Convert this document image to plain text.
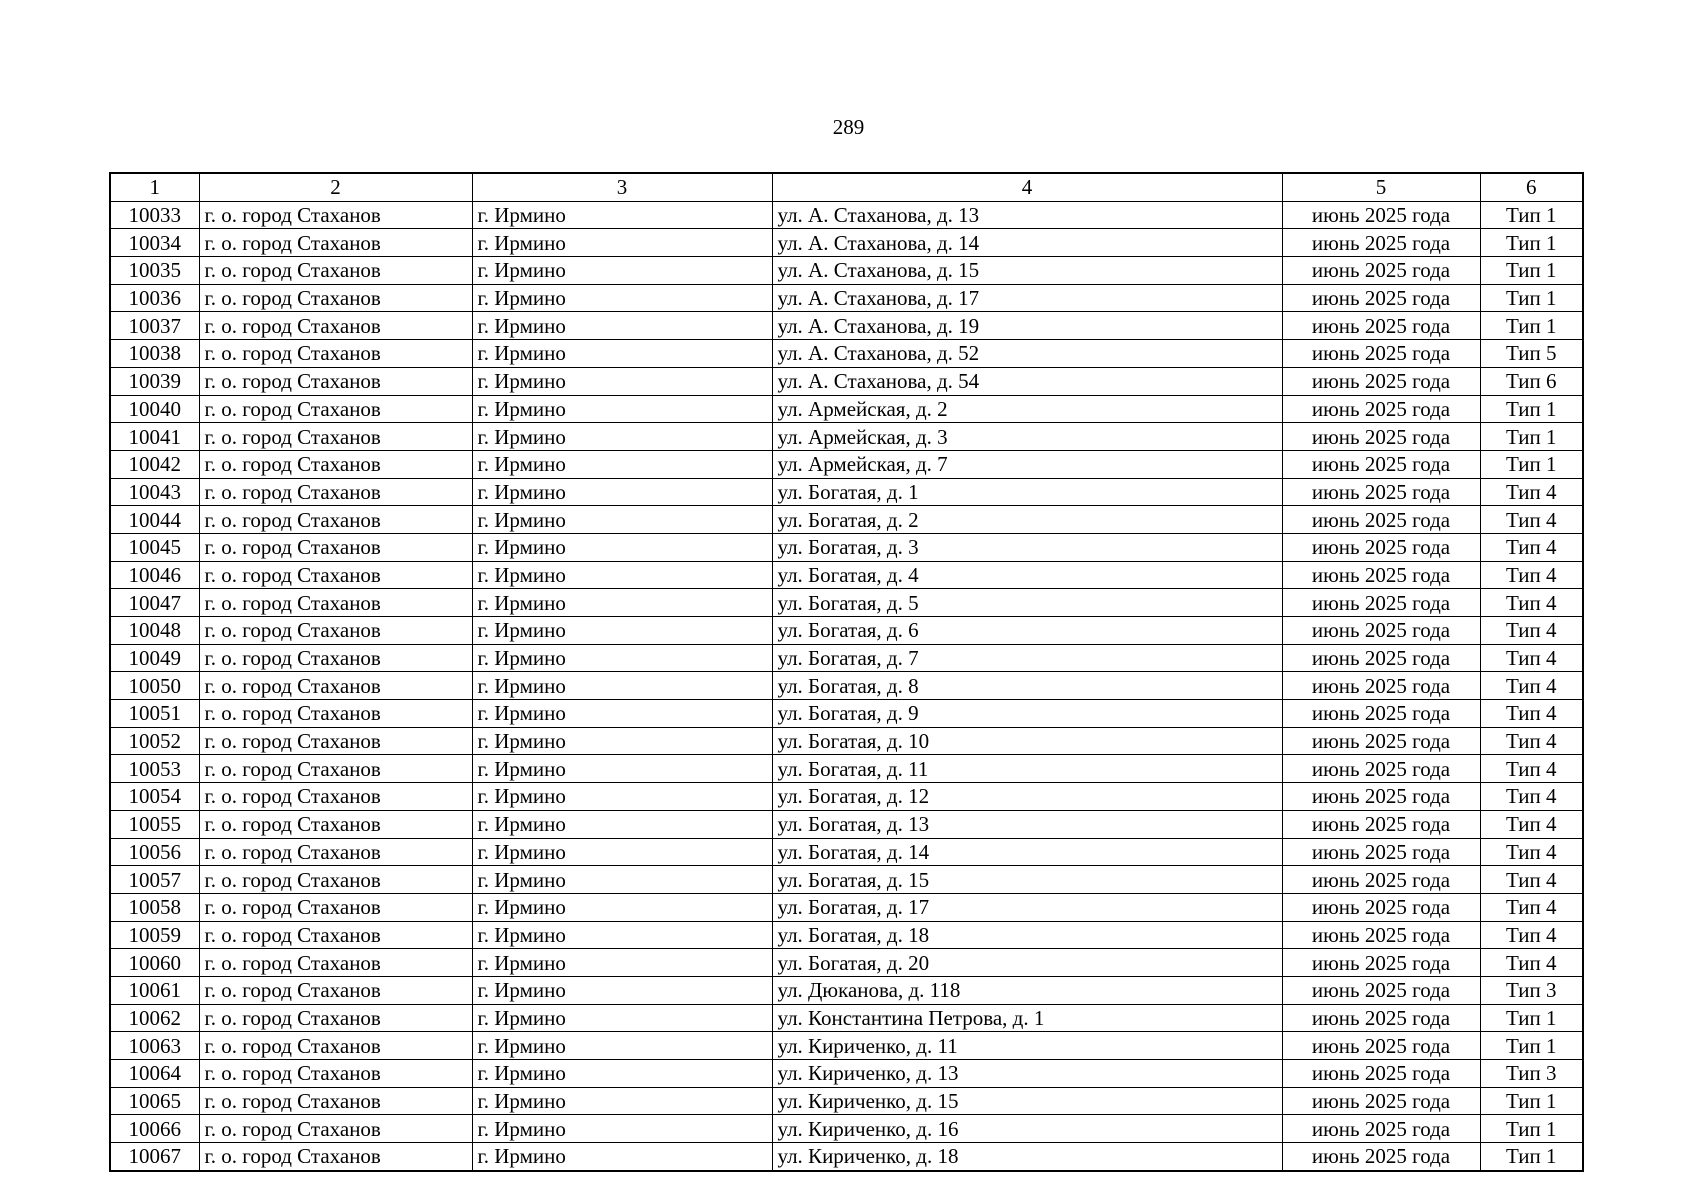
289
1	2	3	4	5	6
10033	г. о. город Стаханов	г. Ирмино	ул. А. Стаханова, д. 13	июнь 2025 года	Тип 1
10034	г. о. город Стаханов	г. Ирмино	ул. А. Стаханова, д. 14	июнь 2025 года	Тип 1
10035	г. о. город Стаханов	г. Ирмино	ул. А. Стаханова, д. 15	июнь 2025 года	Тип 1
10036	г. о. город Стаханов	г. Ирмино	ул. А. Стаханова, д. 17	июнь 2025 года	Тип 1
10037	г. о. город Стаханов	г. Ирмино	ул. А. Стаханова, д. 19	июнь 2025 года	Тип 1
10038	г. о. город Стаханов	г. Ирмино	ул. А. Стаханова, д. 52	июнь 2025 года	Тип 5
10039	г. о. город Стаханов	г. Ирмино	ул. А. Стаханова, д. 54	июнь 2025 года	Тип 6
10040	г. о. город Стаханов	г. Ирмино	ул. Армейская, д. 2	июнь 2025 года	Тип 1
10041	г. о. город Стаханов	г. Ирмино	ул. Армейская, д. 3	июнь 2025 года	Тип 1
10042	г. о. город Стаханов	г. Ирмино	ул. Армейская, д. 7	июнь 2025 года	Тип 1
10043	г. о. город Стаханов	г. Ирмино	ул. Богатая, д. 1	июнь 2025 года	Тип 4
10044	г. о. город Стаханов	г. Ирмино	ул. Богатая, д. 2	июнь 2025 года	Тип 4
10045	г. о. город Стаханов	г. Ирмино	ул. Богатая, д. 3	июнь 2025 года	Тип 4
10046	г. о. город Стаханов	г. Ирмино	ул. Богатая, д. 4	июнь 2025 года	Тип 4
10047	г. о. город Стаханов	г. Ирмино	ул. Богатая, д. 5	июнь 2025 года	Тип 4
10048	г. о. город Стаханов	г. Ирмино	ул. Богатая, д. 6	июнь 2025 года	Тип 4
10049	г. о. город Стаханов	г. Ирмино	ул. Богатая, д. 7	июнь 2025 года	Тип 4
10050	г. о. город Стаханов	г. Ирмино	ул. Богатая, д. 8	июнь 2025 года	Тип 4
10051	г. о. город Стаханов	г. Ирмино	ул. Богатая, д. 9	июнь 2025 года	Тип 4
10052	г. о. город Стаханов	г. Ирмино	ул. Богатая, д. 10	июнь 2025 года	Тип 4
10053	г. о. город Стаханов	г. Ирмино	ул. Богатая, д. 11	июнь 2025 года	Тип 4
10054	г. о. город Стаханов	г. Ирмино	ул. Богатая, д. 12	июнь 2025 года	Тип 4
10055	г. о. город Стаханов	г. Ирмино	ул. Богатая, д. 13	июнь 2025 года	Тип 4
10056	г. о. город Стаханов	г. Ирмино	ул. Богатая, д. 14	июнь 2025 года	Тип 4
10057	г. о. город Стаханов	г. Ирмино	ул. Богатая, д. 15	июнь 2025 года	Тип 4
10058	г. о. город Стаханов	г. Ирмино	ул. Богатая, д. 17	июнь 2025 года	Тип 4
10059	г. о. город Стаханов	г. Ирмино	ул. Богатая, д. 18	июнь 2025 года	Тип 4
10060	г. о. город Стаханов	г. Ирмино	ул. Богатая, д. 20	июнь 2025 года	Тип 4
10061	г. о. город Стаханов	г. Ирмино	ул. Дюканова, д. 118	июнь 2025 года	Тип 3
10062	г. о. город Стаханов	г. Ирмино	ул. Константина Петрова, д. 1	июнь 2025 года	Тип 1
10063	г. о. город Стаханов	г. Ирмино	ул. Кириченко, д. 11	июнь 2025 года	Тип 1
10064	г. о. город Стаханов	г. Ирмино	ул. Кириченко, д. 13	июнь 2025 года	Тип 3
10065	г. о. город Стаханов	г. Ирмино	ул. Кириченко, д. 15	июнь 2025 года	Тип 1
10066	г. о. город Стаханов	г. Ирмино	ул. Кириченко, д. 16	июнь 2025 года	Тип 1
10067	г. о. город Стаханов	г. Ирмино	ул. Кириченко, д. 18	июнь 2025 года	Тип 1
